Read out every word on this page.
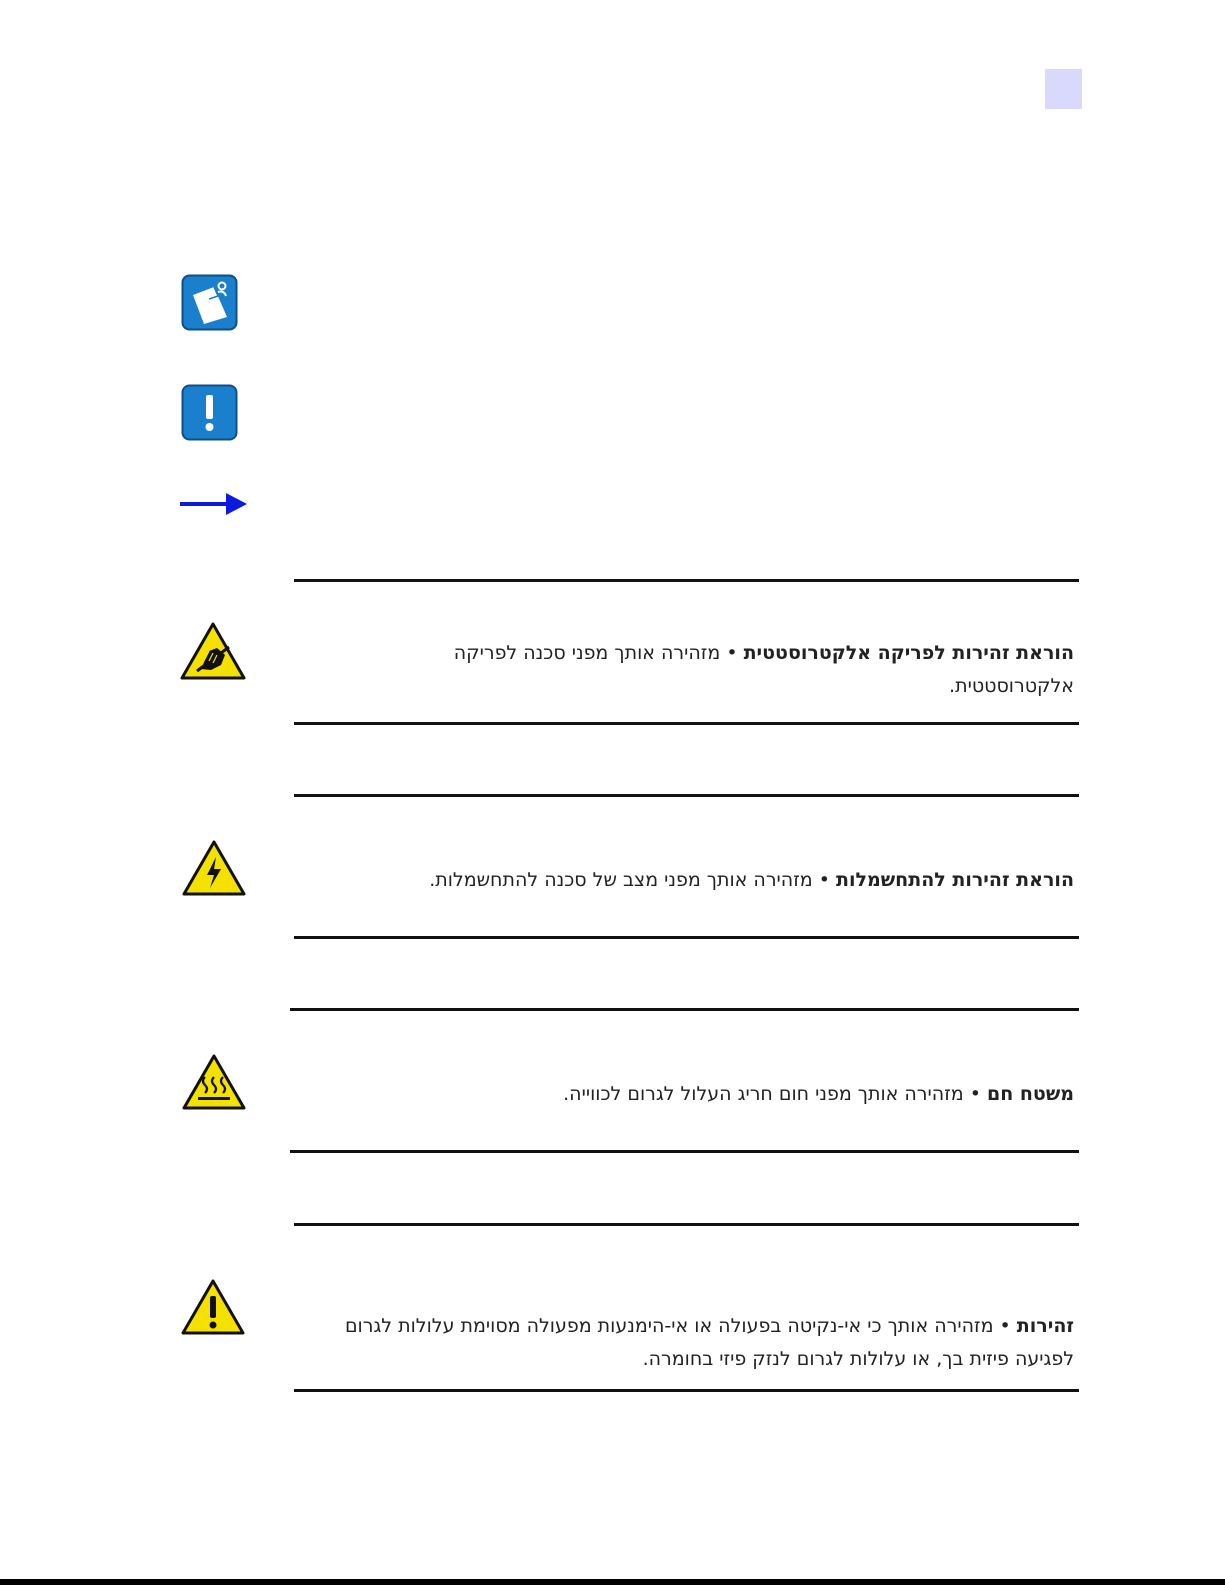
הוראת זהירות לפריקה אלקטרוסטטית • מזהירה אותך מפני סכנה לפריקה אלקטרוסטטית.
הוראת זהירות להתחשמלות • מזהירה אותך מפני מצב של סכנה להתחשמלות.
משטח חם • מזהירה אותך מפני חום חריג העלול לגרום לכווייה.
זהירות • מזהירה אותך כי אי-נקיטה בפעולה או אי-הימנעות מפעולה מסוימת עלולות לגרום לפגיעה פיזית בך, או עלולות לגרום לנזק פיזי בחומרה.
